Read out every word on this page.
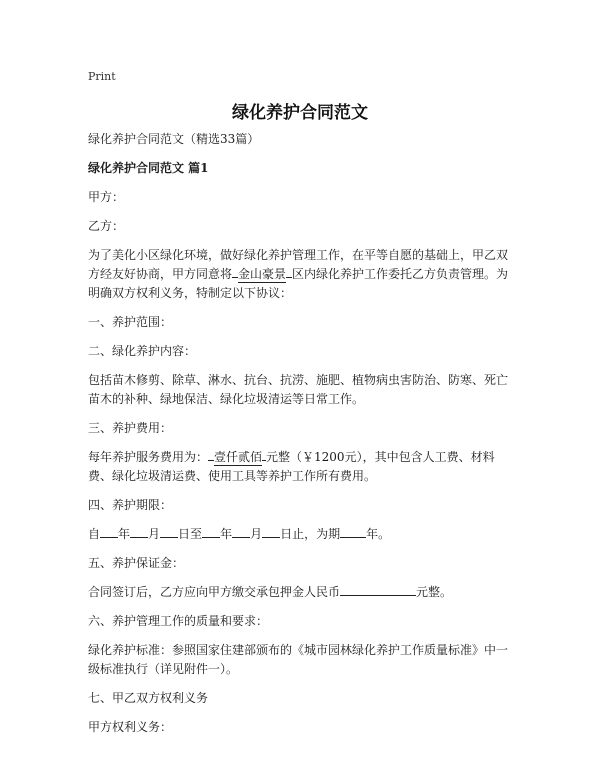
Print
绿化养护合同范文

绿化养护合同范文（精选33篇）

绿化养护合同范文 篇1

甲方：

乙方：

为了美化小区绿化环境，做好绿化养护管理工作，在平等自愿的基础上，甲乙双方经友好协商，甲方同意将 金山豪景 区内绿化养护工作委托乙方负责管理。为明确双方权利义务，特制定以下协议：

一、养护范围：

二、绿化养护内容：

包括苗木修剪、除草、淋水、抗台、抗涝、施肥、植物病虫害防治、防寒、死亡苗木的补种、绿地保洁、绿化垃圾清运等日常工作。

三、养护费用：

每年养护服务费用为： 壹仟贰佰 元整（￥1200元），其中包含人工费、材料费、绿化垃圾清运费、使用工具等养护工作所有费用。

四、养护期限：

自 年 月 日至 年 月 日止，为期 年。

五、养护保证金：

合同签订后，乙方应向甲方缴交承包押金人民币	元整。

六、养护管理工作的质量和要求：

绿化养护标准：参照国家住建部颁布的《城市园林绿化养护工作质量标准》中一级标准执行（详见附件一）。

七、甲乙双方权利义务

甲方权利义务：
